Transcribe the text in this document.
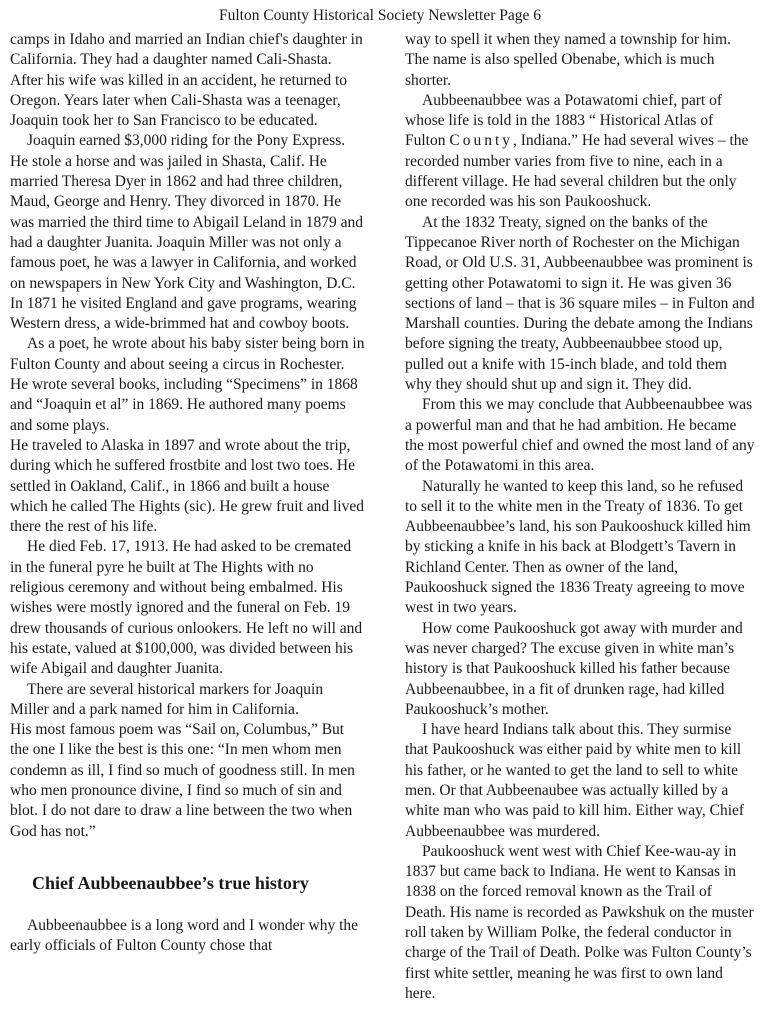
Fulton County Historical Society Newsletter Page 6

camps in Idaho and married an Indian chief's daughter in California. They had a daughter named Cali-Shasta. After his wife was killed in an accident, he returned to Oregon. Years later when Cali-Shasta was a teenager, Joaquin took her to San Francisco to be educated.

Joaquin earned $3,000 riding for the Pony Express. He stole a horse and was jailed in Shasta, Calif. He married Theresa Dyer in 1862 and had three children, Maud, George and Henry. They divorced in 1870. He was married the third time to Abigail Leland in 1879 and had a daughter Juanita. Joaquin Miller was not only a famous poet, he was a lawyer in California, and worked on newspapers in New York City and Washington, D.C. In 1871 he visited England and gave programs, wearing Western dress, a wide-brimmed hat and cowboy boots.

As a poet, he wrote about his baby sister being born in Fulton County and about seeing a circus in Rochester. He wrote several books, including “Specimens” in 1868 and “Joaquin et al” in 1869. He authored many poems and some plays.

He traveled to Alaska in 1897 and wrote about the trip, during which he suffered frostbite and lost two toes. He settled in Oakland, Calif., in 1866 and built a house which he called The Hights (sic). He grew fruit and lived there the rest of his life.

He died Feb. 17, 1913. He had asked to be cremated in the funeral pyre he built at The Hights with no religious ceremony and without being embalmed. His wishes were mostly ignored and the funeral on Feb. 19 drew thousands of curious onlookers. He left no will and his estate, valued at $100,000, was divided between his wife Abigail and daughter Juanita.

There are several historical markers for Joaquin Miller and a park named for him in California.

His most famous poem was “Sail on, Columbus,” But the one I like the best is this one: “In men whom men condemn as ill, I find so much of goodness still. In men who men pronounce divine, I find so much of sin and blot. I do not dare to draw a line between the two when God has not.”

Chief Aubbeenaubbee’s true history

Aubbeenaubbee is a long word and I wonder why the early officials of Fulton County chose that

way to spell it when they named a township for him. The name is also spelled Obenabe, which is much shorter.

Aubbeenaubbee was a Potawatomi chief, part of whose life is told in the 1883 “ Historical Atlas of Fulton County, Indiana.” He had several wives – the recorded number varies from five to nine, each in a different village. He had several children but the only one recorded was his son Paukooshuck.

At the 1832 Treaty, signed on the banks of the Tippecanoe River north of Rochester on the Michigan Road, or Old U.S. 31, Aubbeenaubbee was prominent is getting other Potawatomi to sign it. He was given 36 sections of land – that is 36 square miles – in Fulton and Marshall counties. During the debate among the Indians before signing the treaty, Aubbeenaubbee stood up, pulled out a knife with 15-inch blade, and told them why they should shut up and sign it. They did.

From this we may conclude that Aubbeenaubbee was a powerful man and that he had ambition. He became the most powerful chief and owned the most land of any of the Potawatomi in this area.

Naturally he wanted to keep this land, so he refused to sell it to the white men in the Treaty of 1836. To get Aubbeenaubbee’s land, his son Paukooshuck killed him by sticking a knife in his back at Blodgett’s Tavern in Richland Center. Then as owner of the land, Paukooshuck signed the 1836 Treaty agreeing to move west in two years.

How come Paukooshuck got away with murder and was never charged? The excuse given in white man’s history is that Paukooshuck killed his father because Aubbeenaubbee, in a fit of drunken rage, had killed Paukooshuck’s mother.

I have heard Indians talk about this. They surmise that Paukooshuck was either paid by white men to kill his father, or he wanted to get the land to sell to white men. Or that Aubbeenaubee was actually killed by a white man who was paid to kill him. Either way, Chief Aubbeenaubbee was murdered.

Paukooshuck went west with Chief Kee-wau-ay in 1837 but came back to Indiana. He went to Kansas in 1838 on the forced removal known as the Trail of Death. His name is recorded as Pawkshuk on the muster roll taken by William Polke, the federal conductor in charge of the Trail of Death. Polke was Fulton County’s first white settler, meaning he was first to own land here.
